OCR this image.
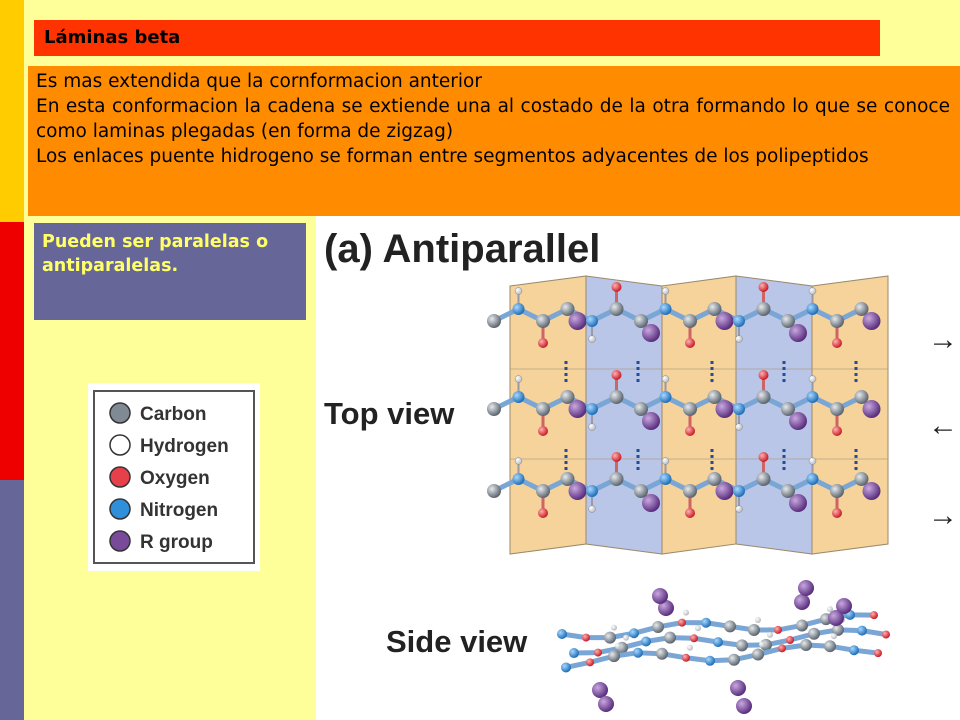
Láminas beta

Es mas extendida que la cornformacion anterior

En esta conformacion la cadena se extiende una al costado de la otra formando lo que se conoce como laminas plegadas (en forma de zigzag)

Los enlaces puente hidrogeno se forman entre segmentos adyacentes de los polipeptidos

Pueden ser paralelas o antiparalelas.
Carbon
Hydrogen
Oxygen
Nitrogen
R group
(a) Antiparallel
Top view
Side view
→
←
→
